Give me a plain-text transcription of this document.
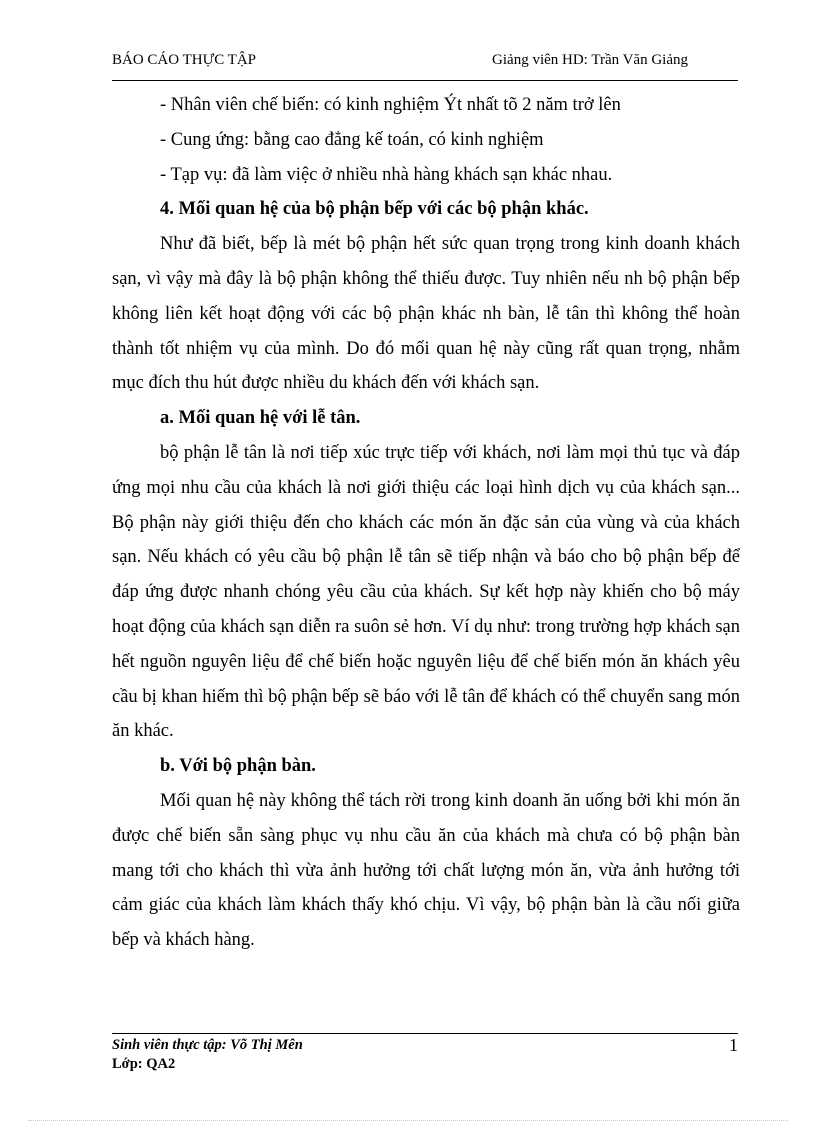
BÁO CÁO THỰC TẬP	Giảng viên HD: Trần Văn Giảng

- Nhân viên chế biến: có kinh nghiệm Ýt nhất tõ 2 năm trở lên

- Cung ứng: bằng cao đẳng kế toán, có kinh nghiệm

- Tạp vụ: đã làm việc ở nhiều nhà hàng khách sạn khác nhau.

4. Mối quan hệ của bộ phận bếp với các bộ phận khác.

Như đã biết, bếp là mét bộ phận hết sức quan trọng trong kinh doanh khách sạn, vì vậy mà đây là bộ phận không thể thiếu được. Tuy nhiên nếu nh bộ phận bếp không liên kết hoạt động với các bộ phận khác nh bàn, lễ tân thì không thể hoàn thành tốt nhiệm vụ của mình. Do đó mối quan hệ này cũng rất quan trọng, nhằm mục đích thu hút được nhiều du khách đến với khách sạn.

a. Mối quan hệ với lễ tân.

bộ phận lễ tân là nơi tiếp xúc trực tiếp với khách, nơi làm mọi thủ tục và đáp ứng mọi nhu cầu của khách là nơi giới thiệu các loại hình dịch vụ của khách sạn... Bộ phận này giới thiệu đến cho khách các món ăn đặc sản của vùng và của khách sạn. Nếu khách có yêu cầu bộ phận lễ tân sẽ tiếp nhận và báo cho bộ phận bếp để đáp ứng được nhanh chóng yêu cầu của khách. Sự kết hợp này khiến cho bộ máy hoạt động của khách sạn diễn ra suôn sẻ hơn. Ví dụ như: trong trường hợp khách sạn hết nguồn nguyên liệu để chế biến hoặc nguyên liệu để chế biến món ăn khách yêu cầu bị khan hiếm thì bộ phận bếp sẽ báo với lễ tân để khách có thể chuyển sang món ăn khác.

b. Với bộ phận bàn.

Mối quan hệ này không thể tách rời trong kinh doanh ăn uống bởi khi món ăn được chế biến sẵn sàng phục vụ nhu cầu ăn của khách mà chưa có bộ phận bàn mang tới cho khách thì vừa ảnh hưởng tới chất lượng món ăn, vừa ảnh hưởng tới cảm giác của khách làm khách thấy khó chịu. Vì vậy, bộ phận bàn là cầu nối giữa bếp và khách hàng.

Sinh viên thực tập: Võ Thị Mên
Lớp: QA2
1
